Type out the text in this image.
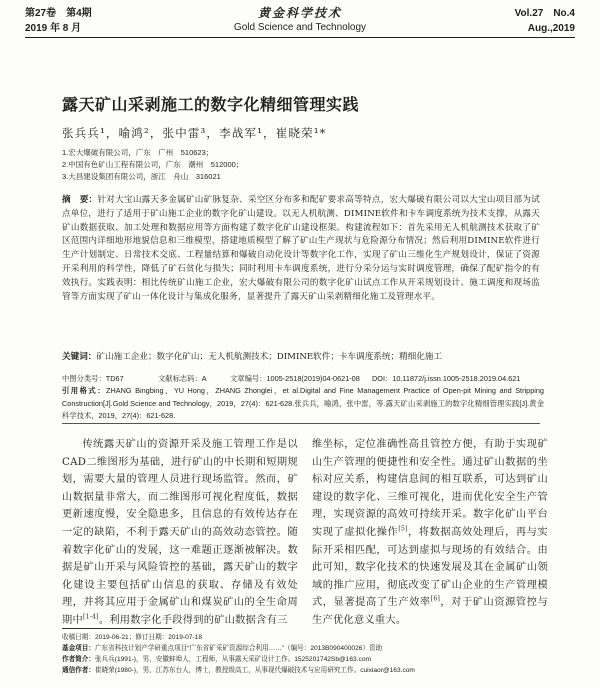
第27卷　第4期
2019 年 8 月
黄金科学技术
Gold Science and Technology
Vol.27　No.4
Aug.,2019
露天矿山采剥施工的数字化精细管理实践
张兵兵¹，喻鸿²，张中雷³，李战军¹，崔晓荣¹*
1.宏大爆破有限公司，广东　广州　510623；
2.中国有色矿山工程有限公司，广东　潮州　512000；
3.大昌建设集团有限公司，浙江　舟山　316021
摘　要：针对大宝山露天多金属矿山矿脉复杂、采空区分布多和配矿要求高等特点，宏大爆破有限公司以大宝山项目部为试点单位，进行了适用于矿山施工企业的数字化矿山建设。以无人机航测、DIMINE软件和卡车调度系统为技术支撑，从露天矿山数据获取、加工处理和数据应用等方面构建了数字化矿山建设框架。构建流程如下：首先采用无人机航测技术获取了矿区范围内详细地形地貌信息和三维模型，搭建地质模型了解了矿山生产现状与危险源分布情况；然后利用DIMINE软件进行生产计划制定、日常技术交底、工程量结算和爆破自动化设计等数字化工作，实现了矿山三维化生产规划设计，保证了资源开采利用的科学性，降低了矿石贫化与损失；同时利用卡车调度系统，进行分采分运与实时调度管理，确保了配矿指令的有效执行。实践表明：相比传统矿山施工企业，宏大爆破有限公司的数字化矿山试点工作从开采规划设计、施工调度和现场监管等方面实现了矿山一体化设计与集成化服务，显著提升了露天矿山采剥精细化施工及管理水平。
关键词：矿山施工企业；数字化矿山；无人机航测技术；DIMINE软件；卡车调度系统；精细化施工
中图分类号：TD67	文献标志码：A	文章编号：1005-2518(2019)04-0621-08 DOI：10.11872/j.issn.1005-2518.2019.04.621
引用格式：ZHANG Bingbing，YU Hong，ZHANG Zhonglei，et al.Digital and Fine Management Practice of Open-pit Mining and Stripping Construction[J].Gold Science and Technology，2019，27(4)：621-628.张兵兵，喻鸿，张中雷，等.露天矿山采剥施工的数字化精细管理实践[J].黄金科学技术，2019，27(4)：621-628.
传统露天矿山的资源开采及施工管理工作是以CAD二维图形为基础，进行矿山的中长期和短期规划，需要大量的管理人员进行现场监管。然而，矿山数据量非常大，而二维图形可视化程度低，数据更新速度慢，安全隐患多，且信息的有效传达存在一定的缺陷，不利于露天矿山的高效动态管控。随着数字化矿山的发展，这一难题正逐渐被解决。数据是矿山开采与风险管控的基础，露天矿山的数字化建设主要包括矿山信息的获取、存储及有效处理，并将其应用于金属矿山和煤炭矿山的全生命周期中[1-4]。利用数字化手段得到的矿山数据含有三
维坐标，定位准确性高且管控方便，有助于实现矿山生产管理的便捷性和安全性。通过矿山数据的坐标对应关系，构建信息间的相互联系，可达到矿山建设的数字化、三维可视化，进而优化安全生产管理，实现资源的高效可持续开采。数字化矿山平台实现了虚拟化操作[5]，将数据高效处理后，再与实际开采相匹配，可达到虚拟与现场的有效结合。由此可知，数字化技术的快速发展及其在金属矿山领域的推广应用，彻底改变了矿山企业的生产管理模式，显著提高了生产效率[6]，对于矿山资源管控与生产优化意义重大。
收稿日期：2019-06-21；修订日期：2019-07-18
基金项目：广东省科技计划产学研重点项目“广东省矿采矿资源综合利用……”（编号：2013B090400026）资助
作者简介：张兵兵(1991-)，男，安徽蚌埠人，工程师，从事露天采矿设计工作。1525201742Sb@163.com
通信作者：崔晓荣(1980-)，男，江苏东台人，博士，教授级高工，从事现代爆破技术与应用研究工作。cuixiaor@163.com
